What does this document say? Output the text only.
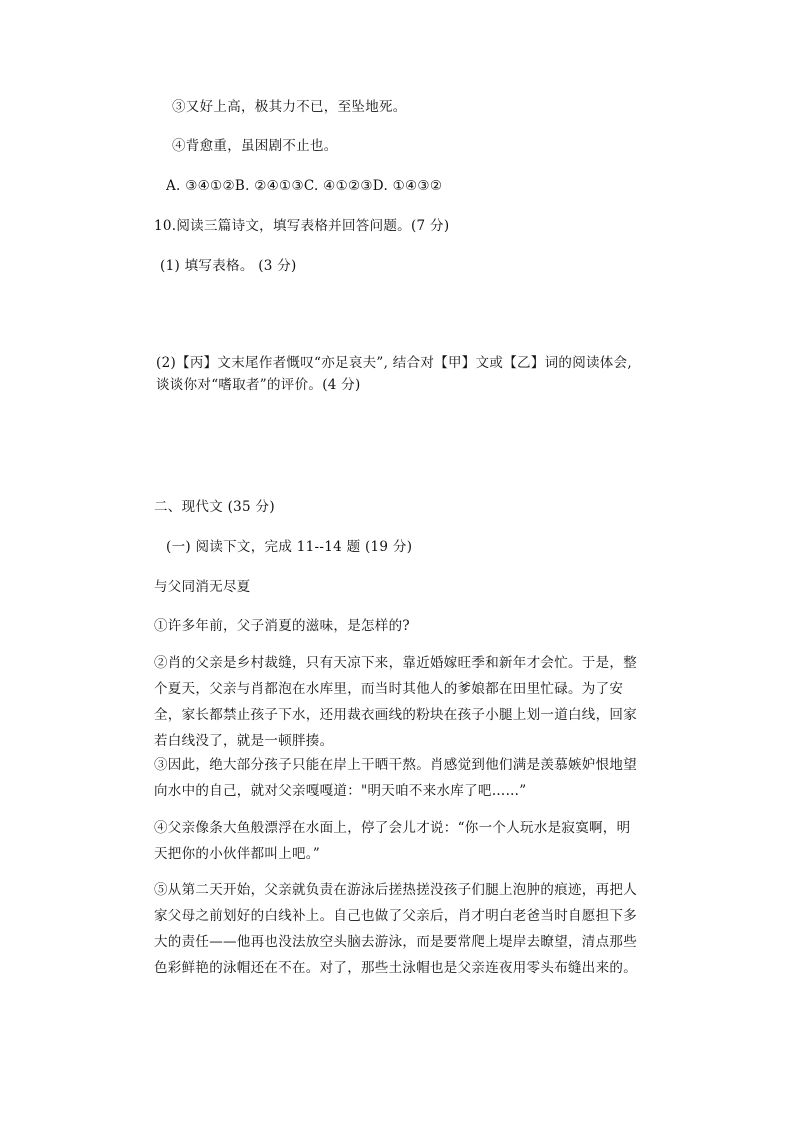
③又好上高，极其力不已，至坠地死。
④背愈重，虽困剧不止也。
A. ③④①②B. ②④①③C. ④①②③D. ①④③②
10.阅读三篇诗文，填写表格并回答问题。(7 分)
(1) 填写表格。 (3 分)
(2)【丙】文末尾作者慨叹“亦足哀夫”, 结合对【甲】文或【乙】词的阅读体会,
谈谈你对“嗜取者”的评价。(4 分)
二、现代文 (35 分)
(一) 阅读下文，完成 11--14 题 (19 分)
与父同消无尽夏
①许多年前，父子消夏的滋味，是怎样的?
②肖的父亲是乡村裁缝，只有天凉下来，靠近婚嫁旺季和新年才会忙。于是，整个夏天，父亲与肖都泡在水库里，而当时其他人的爹娘都在田里忙碌。为了安全，家长都禁止孩子下水，还用裁衣画线的粉块在孩子小腿上划一道白线，回家若白线没了，就是一顿胖揍。
③因此，绝大部分孩子只能在岸上干晒干熬。肖感觉到他们满是羡慕嫉妒恨地望向水中的自己，就对父亲嘎嘎道："明天咱不来水库了吧……”
④父亲像条大鱼般漂浮在水面上，停了会儿才说：“你一个人玩水是寂寞啊，明天把你的小伙伴都叫上吧。”
⑤从第二天开始，父亲就负责在游泳后搓热搓没孩子们腿上泡肿的痕迹，再把人家父母之前划好的白线补上。自己也做了父亲后，肖才明白老爸当时自愿担下多大的责任——他再也没法放空头脑去游泳，而是要常爬上堤岸去瞭望，清点那些色彩鲜艳的泳帽还在不在。对了，那些土泳帽也是父亲连夜用零头布缝出来的。
